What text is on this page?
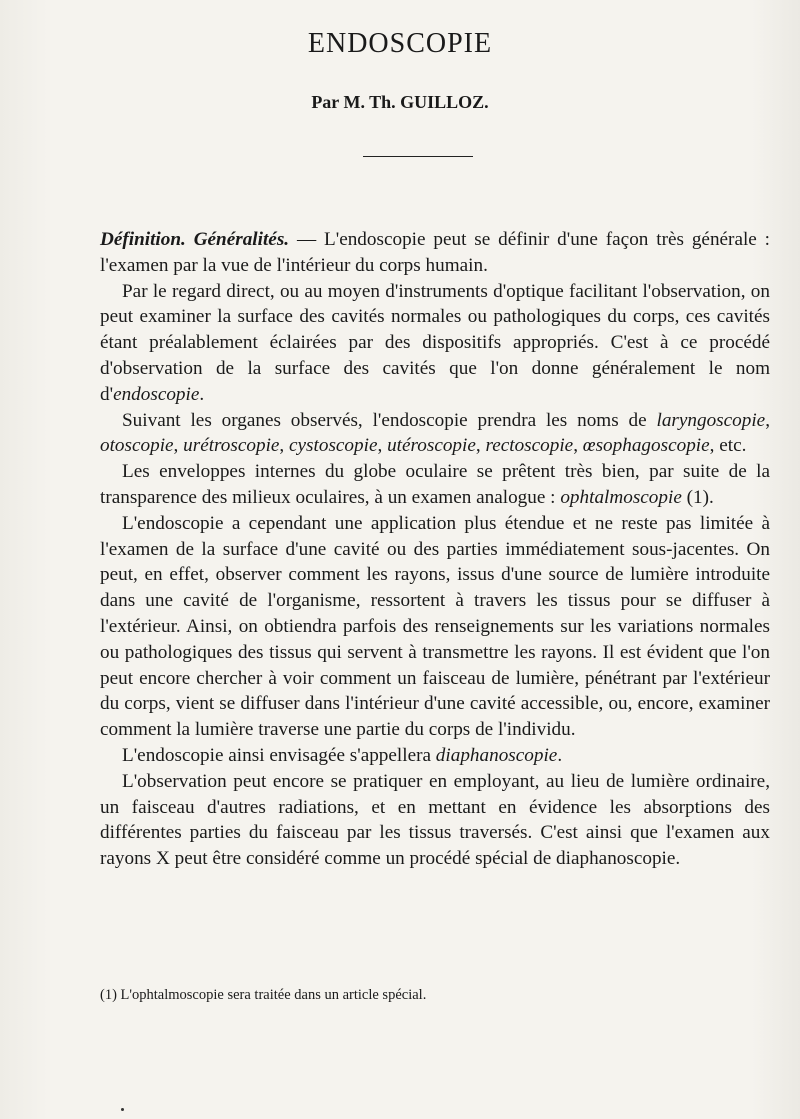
ENDOSCOPIE
Par M. Th. GUILLOZ.

Définition. Généralités. — L'endoscopie peut se définir d'une façon très générale : l'examen par la vue de l'intérieur du corps humain.

Par le regard direct, ou au moyen d'instruments d'optique facilitant l'observation, on peut examiner la surface des cavités normales ou pathologiques du corps, ces cavités étant préalablement éclairées par des dispositifs appropriés. C'est à ce procédé d'observation de la surface des cavités que l'on donne généralement le nom d'endoscopie.

Suivant les organes observés, l'endoscopie prendra les noms de laryngoscopie, otoscopie, urétroscopie, cystoscopie, utéroscopie, rectoscopie, œsophagoscopie, etc.

Les enveloppes internes du globe oculaire se prêtent très bien, par suite de la transparence des milieux oculaires, à un examen analogue : ophtalmoscopie (1).

L'endoscopie a cependant une application plus étendue et ne reste pas limitée à l'examen de la surface d'une cavité ou des parties immédiatement sous-jacentes. On peut, en effet, observer comment les rayons, issus d'une source de lumière introduite dans une cavité de l'organisme, ressortent à travers les tissus pour se diffuser à l'extérieur. Ainsi, on obtiendra parfois des renseignements sur les variations normales ou pathologiques des tissus qui servent à transmettre les rayons. Il est évident que l'on peut encore chercher à voir comment un faisceau de lumière, pénétrant par l'extérieur du corps, vient se diffuser dans l'intérieur d'une cavité accessible, ou, encore, examiner comment la lumière traverse une partie du corps de l'individu.

L'endoscopie ainsi envisagée s'appellera diaphanoscopie.

L'observation peut encore se pratiquer en employant, au lieu de lumière ordinaire, un faisceau d'autres radiations, et en mettant en évidence les absorptions des différentes parties du faisceau par les tissus traversés. C'est ainsi que l'examen aux rayons X peut être considéré comme un procédé spécial de diaphanoscopie.

(1) L'ophtalmoscopie sera traitée dans un article spécial.
